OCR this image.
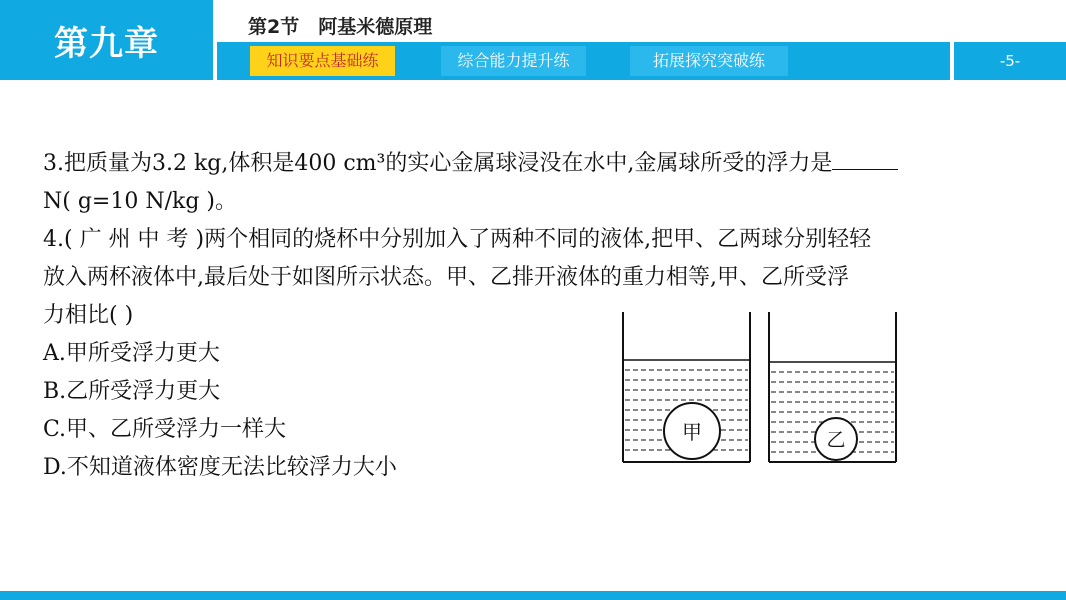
第九章	第2节　阿基米德原理
知识要点基础练	综合能力提升练	拓展探究突破练	-5-
3.把质量为3.2 kg,体积是400 cm³的实心金属球浸没在水中,金属球所受的浮力是
N( g=10 N/kg )。
4.( 广 州 中 考 )两个相同的烧杯中分别加入了两种不同的液体,把甲、乙两球分别轻轻
放入两杯液体中,最后处于如图所示状态。甲、乙排开液体的重力相等,甲、乙所受浮
力相比( )
A.甲所受浮力更大
B.乙所受浮力更大
C.甲、乙所受浮力一样大
D.不知道液体密度无法比较浮力大小
甲	乙
